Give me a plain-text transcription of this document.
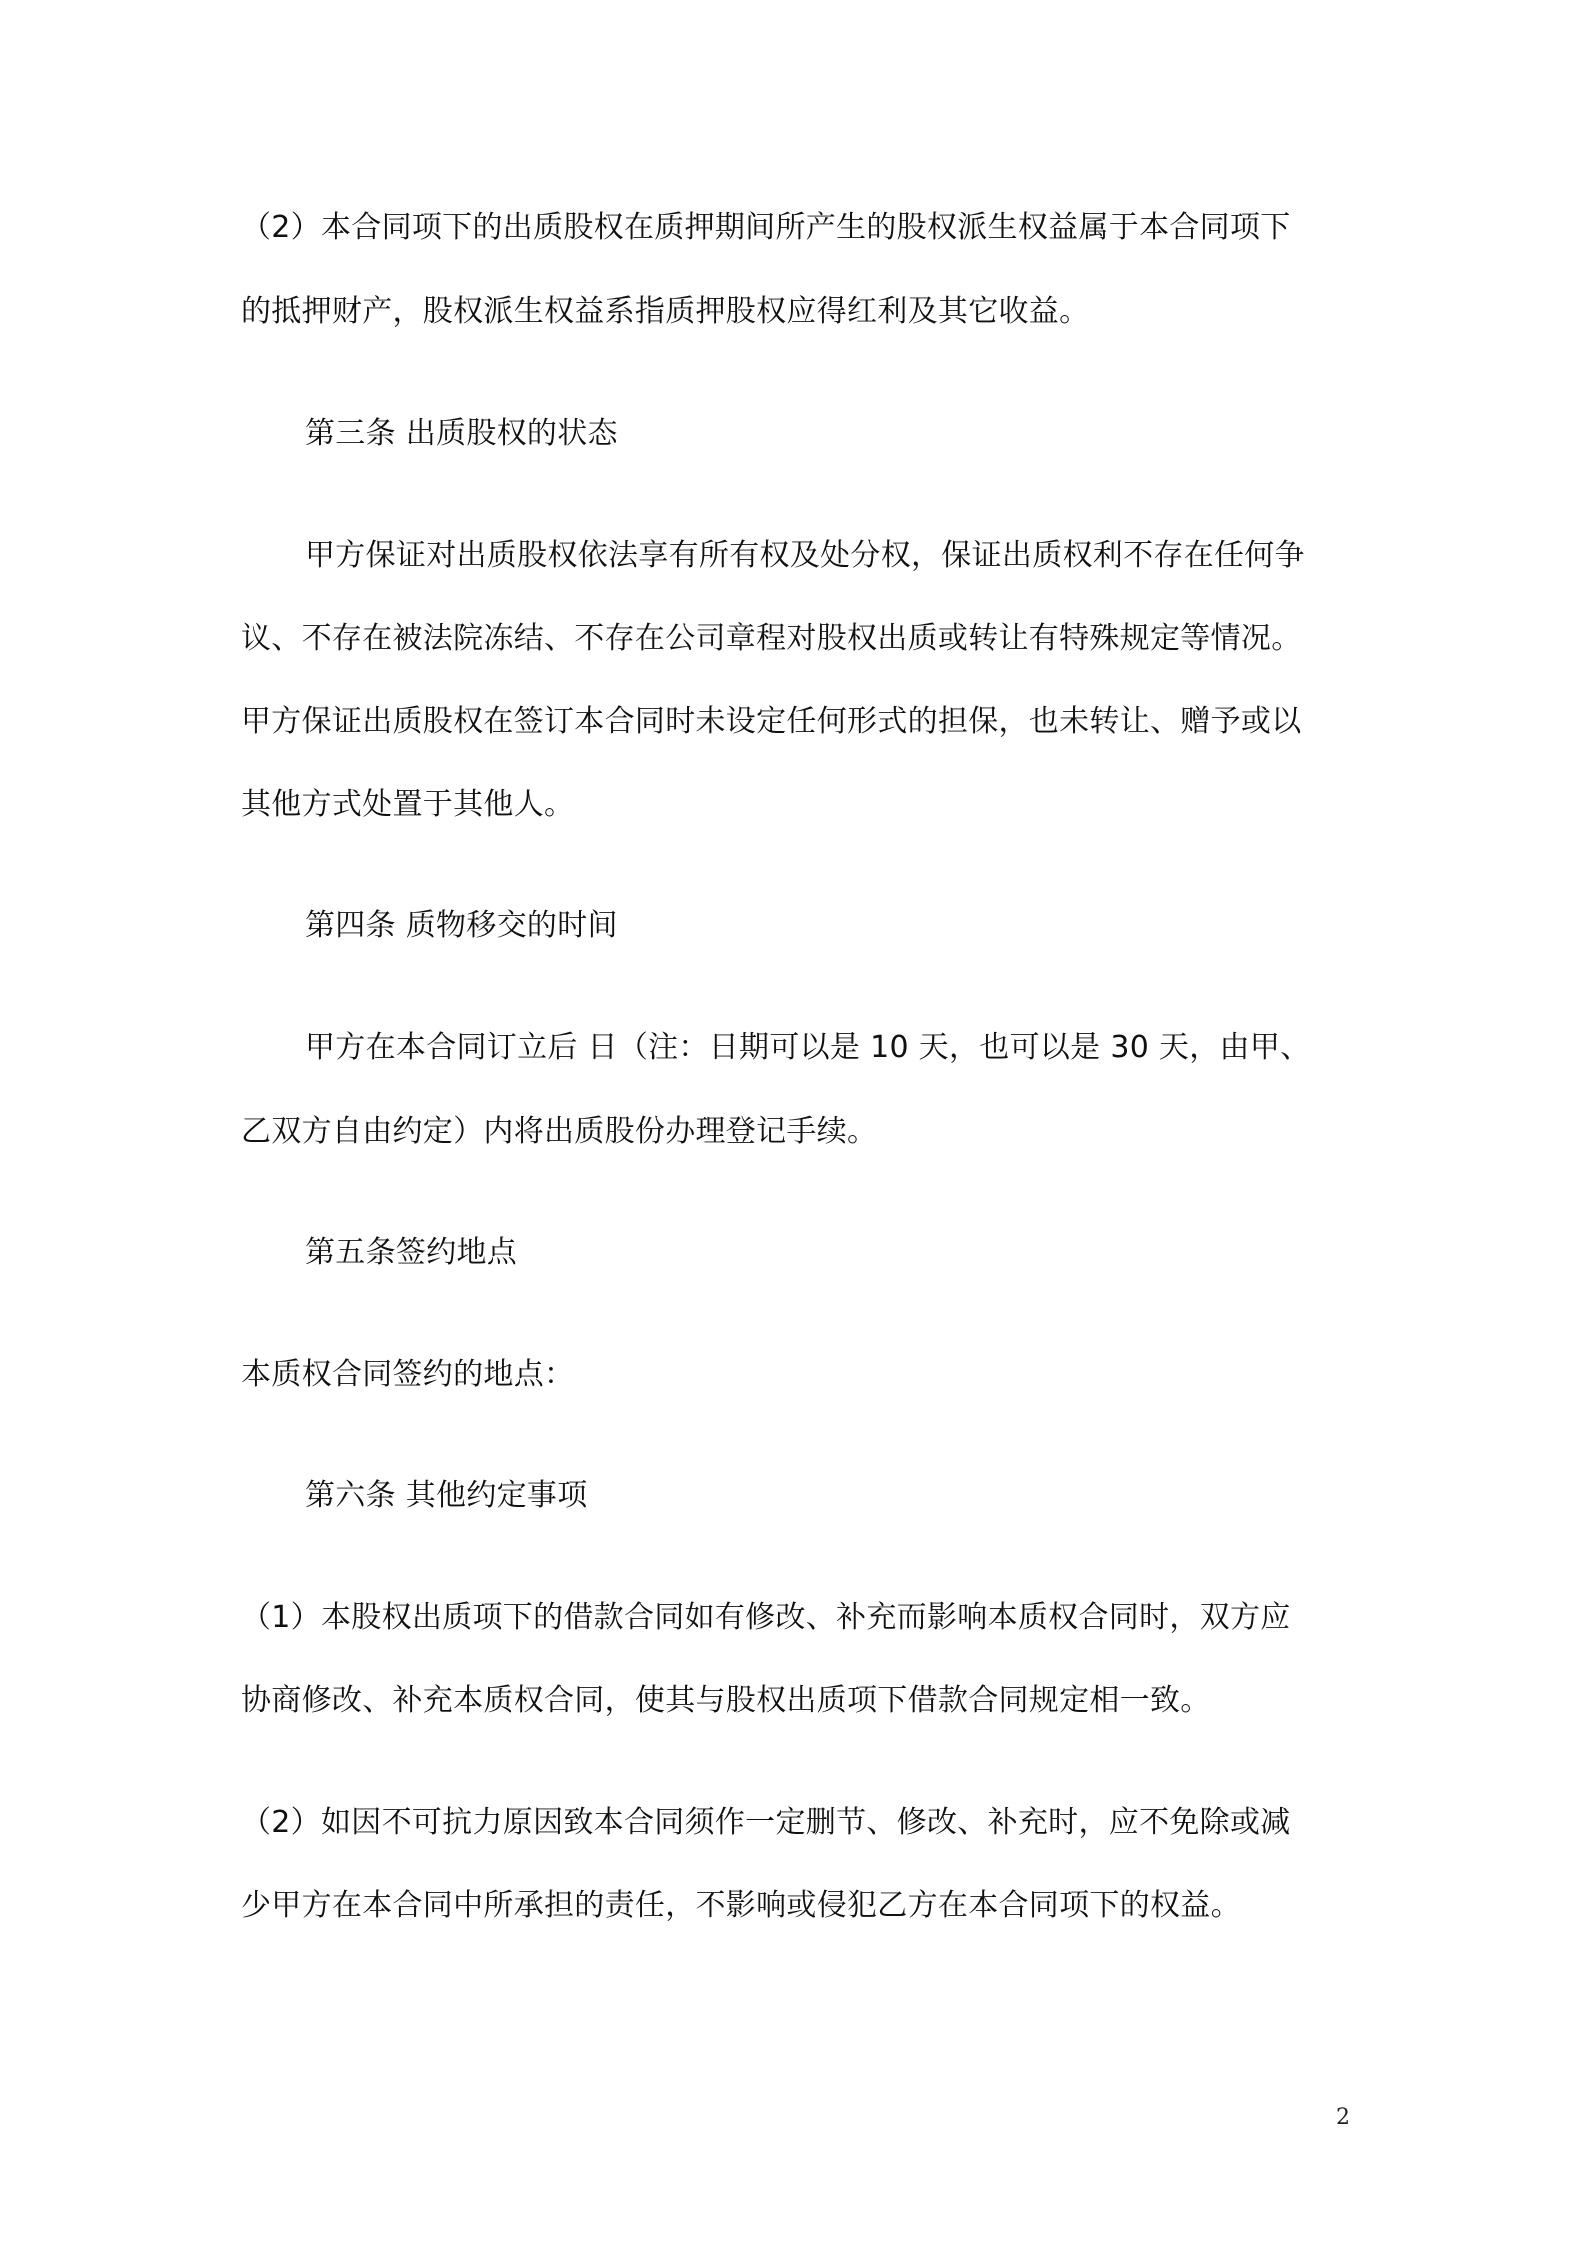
（2）本合同项下的出质股权在质押期间所产生的股权派生权益属于本合同项下
的抵押财产，股权派生权益系指质押股权应得红利及其它收益。
第三条 出质股权的状态
甲方保证对出质股权依法享有所有权及处分权，保证出质权利不存在任何争
议、不存在被法院冻结、不存在公司章程对股权出质或转让有特殊规定等情况。
甲方保证出质股权在签订本合同时未设定任何形式的担保，也未转让、赠予或以
其他方式处置于其他人。
第四条 质物移交的时间
甲方在本合同订立后 日（注：日期可以是 10 天，也可以是 30 天，由甲、
乙双方自由约定）内将出质股份办理登记手续。
第五条签约地点
本质权合同签约的地点：
第六条 其他约定事项
（1）本股权出质项下的借款合同如有修改、补充而影响本质权合同时，双方应
协商修改、补充本质权合同，使其与股权出质项下借款合同规定相一致。
（2）如因不可抗力原因致本合同须作一定删节、修改、补充时，应不免除或减
少甲方在本合同中所承担的责任，不影响或侵犯乙方在本合同项下的权益。
2
